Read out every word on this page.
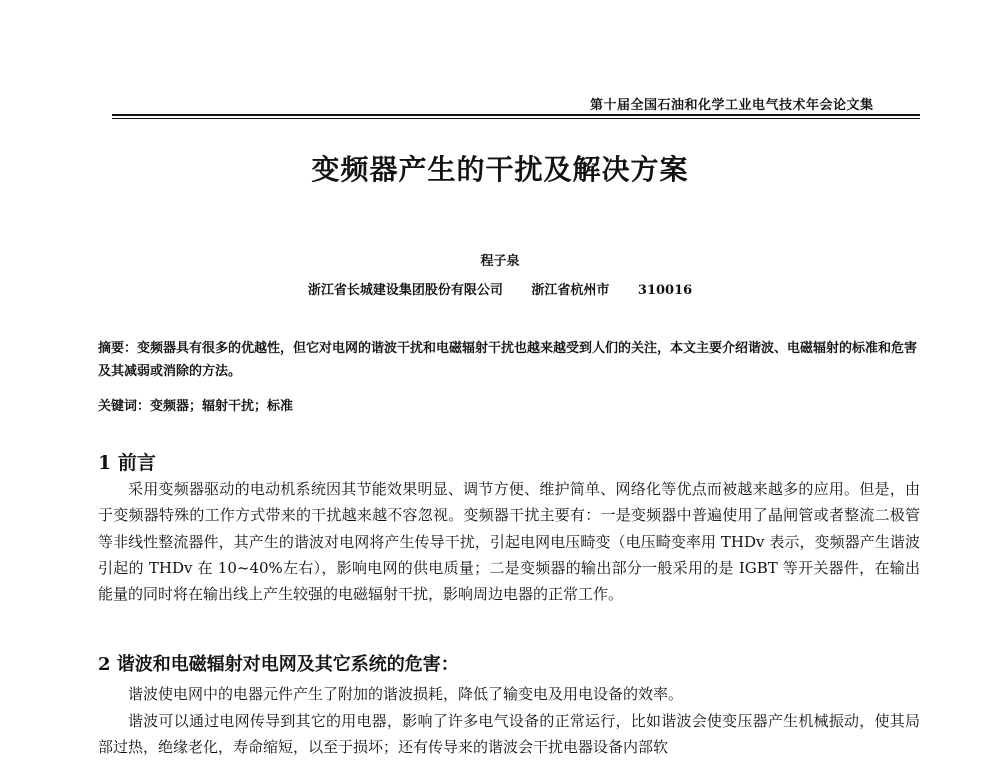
第十届全国石油和化学工业电气技术年会论文集
变频器产生的干扰及解决方案
程子泉
浙江省长城建设集团股份有限公司 浙江省杭州市 310016
摘要：变频器具有很多的优越性，但它对电网的谐波干扰和电磁辐射干扰也越来越受到人们的关注，本文主要介绍谐波、电磁辐射的标准和危害及其减弱或消除的方法。
关键词：变频器；辐射干扰；标准
1 前言
采用变频器驱动的电动机系统因其节能效果明显、调节方便、维护简单、网络化等优点而被越来越多的应用。但是，由于变频器特殊的工作方式带来的干扰越来越不容忽视。变频器干扰主要有：一是变频器中普遍使用了晶闸管或者整流二极管等非线性整流器件，其产生的谐波对电网将产生传导干扰，引起电网电压畸变（电压畸变率用 THDv 表示，变频器产生谐波引起的 THDv 在 10~40%左右），影响电网的供电质量；二是变频器的输出部分一般采用的是 IGBT 等开关器件，在输出能量的同时将在输出线上产生较强的电磁辐射干扰，影响周边电器的正常工作。
2 谐波和电磁辐射对电网及其它系统的危害：
谐波使电网中的电器元件产生了附加的谐波损耗，降低了输变电及用电设备的效率。
谐波可以通过电网传导到其它的用电器，影响了许多电气设备的正常运行，比如谐波会使变压器产生机械振动，使其局部过热，绝缘老化，寿命缩短，以至于损坏；还有传导来的谐波会干扰电器设备内部软
